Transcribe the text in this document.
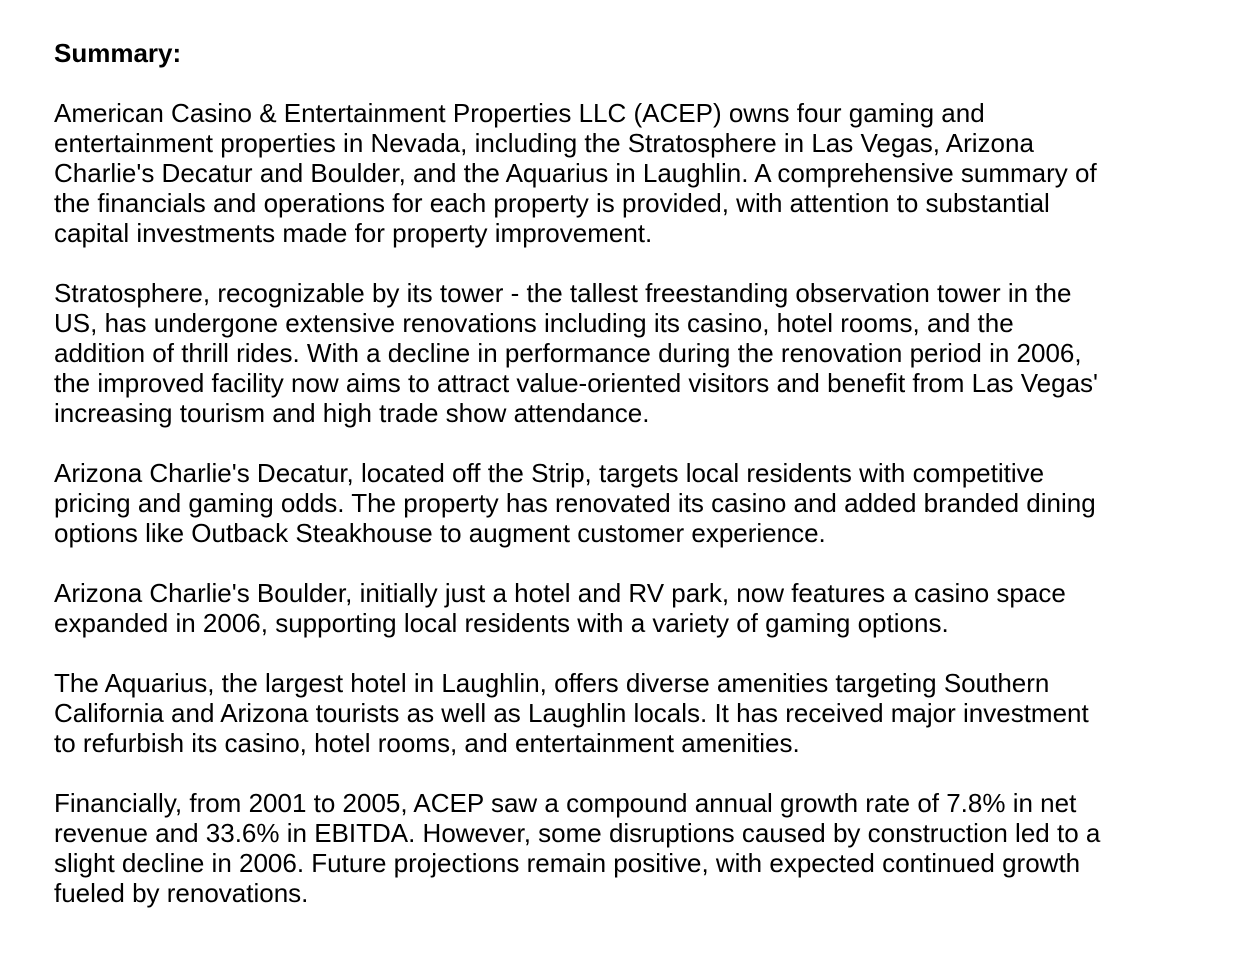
Summary:

American Casino & Entertainment Properties LLC (ACEP) owns four gaming and
entertainment properties in Nevada, including the Stratosphere in Las Vegas, Arizona
Charlie's Decatur and Boulder, and the Aquarius in Laughlin. A comprehensive summary of
the financials and operations for each property is provided, with attention to substantial
capital investments made for property improvement.

Stratosphere, recognizable by its tower - the tallest freestanding observation tower in the
US, has undergone extensive renovations including its casino, hotel rooms, and the
addition of thrill rides. With a decline in performance during the renovation period in 2006,
the improved facility now aims to attract value-oriented visitors and benefit from Las Vegas'
increasing tourism and high trade show attendance.

Arizona Charlie's Decatur, located off the Strip, targets local residents with competitive
pricing and gaming odds. The property has renovated its casino and added branded dining
options like Outback Steakhouse to augment customer experience.

Arizona Charlie's Boulder, initially just a hotel and RV park, now features a casino space
expanded in 2006, supporting local residents with a variety of gaming options.

The Aquarius, the largest hotel in Laughlin, offers diverse amenities targeting Southern
California and Arizona tourists as well as Laughlin locals. It has received major investment
to refurbish its casino, hotel rooms, and entertainment amenities.

Financially, from 2001 to 2005, ACEP saw a compound annual growth rate of 7.8% in net
revenue and 33.6% in EBITDA. However, some disruptions caused by construction led to a
slight decline in 2006. Future projections remain positive, with expected continued growth
fueled by renovations.
